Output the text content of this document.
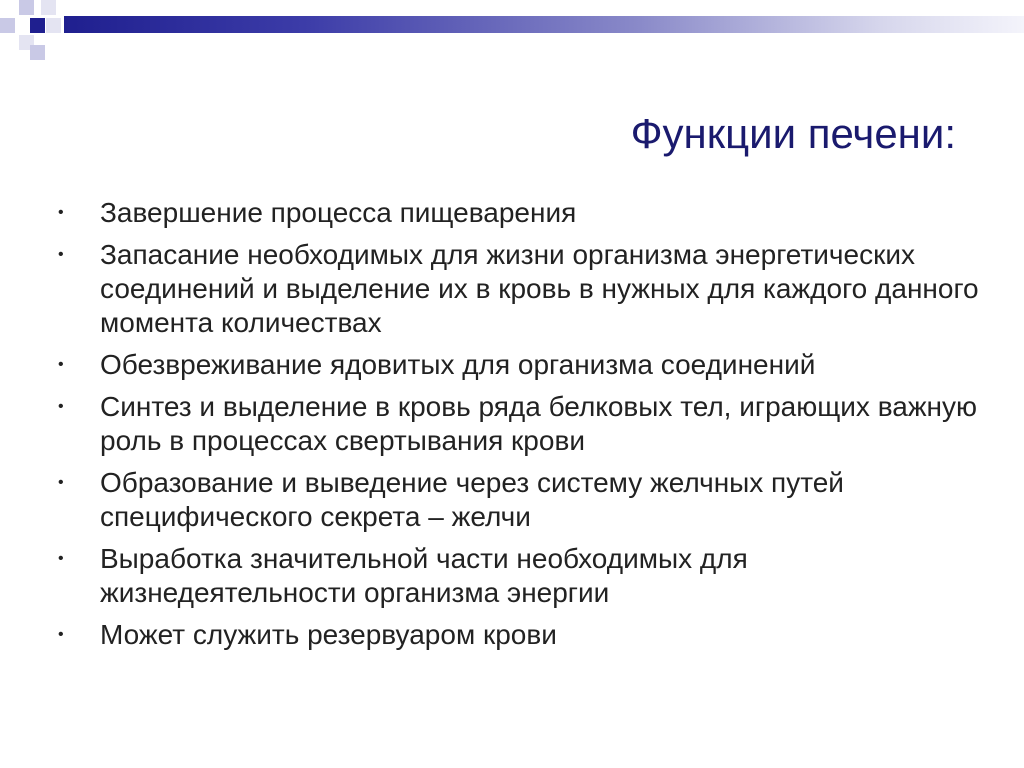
Функции печени:
• Завершение процесса пищеварения
• Запасание необходимых для жизни организма энергетических соединений и выделение их в кровь в нужных для каждого данного момента количествах
• Обезвреживание ядовитых для организма соединений
• Синтез и выделение в кровь ряда белковых тел, играющих важную роль в процессах свертывания крови
• Образование и выведение через систему желчных путей специфического секрета – желчи
• Выработка значительной части необходимых для жизнедеятельности организма энергии
• Может служить резервуаром крови
